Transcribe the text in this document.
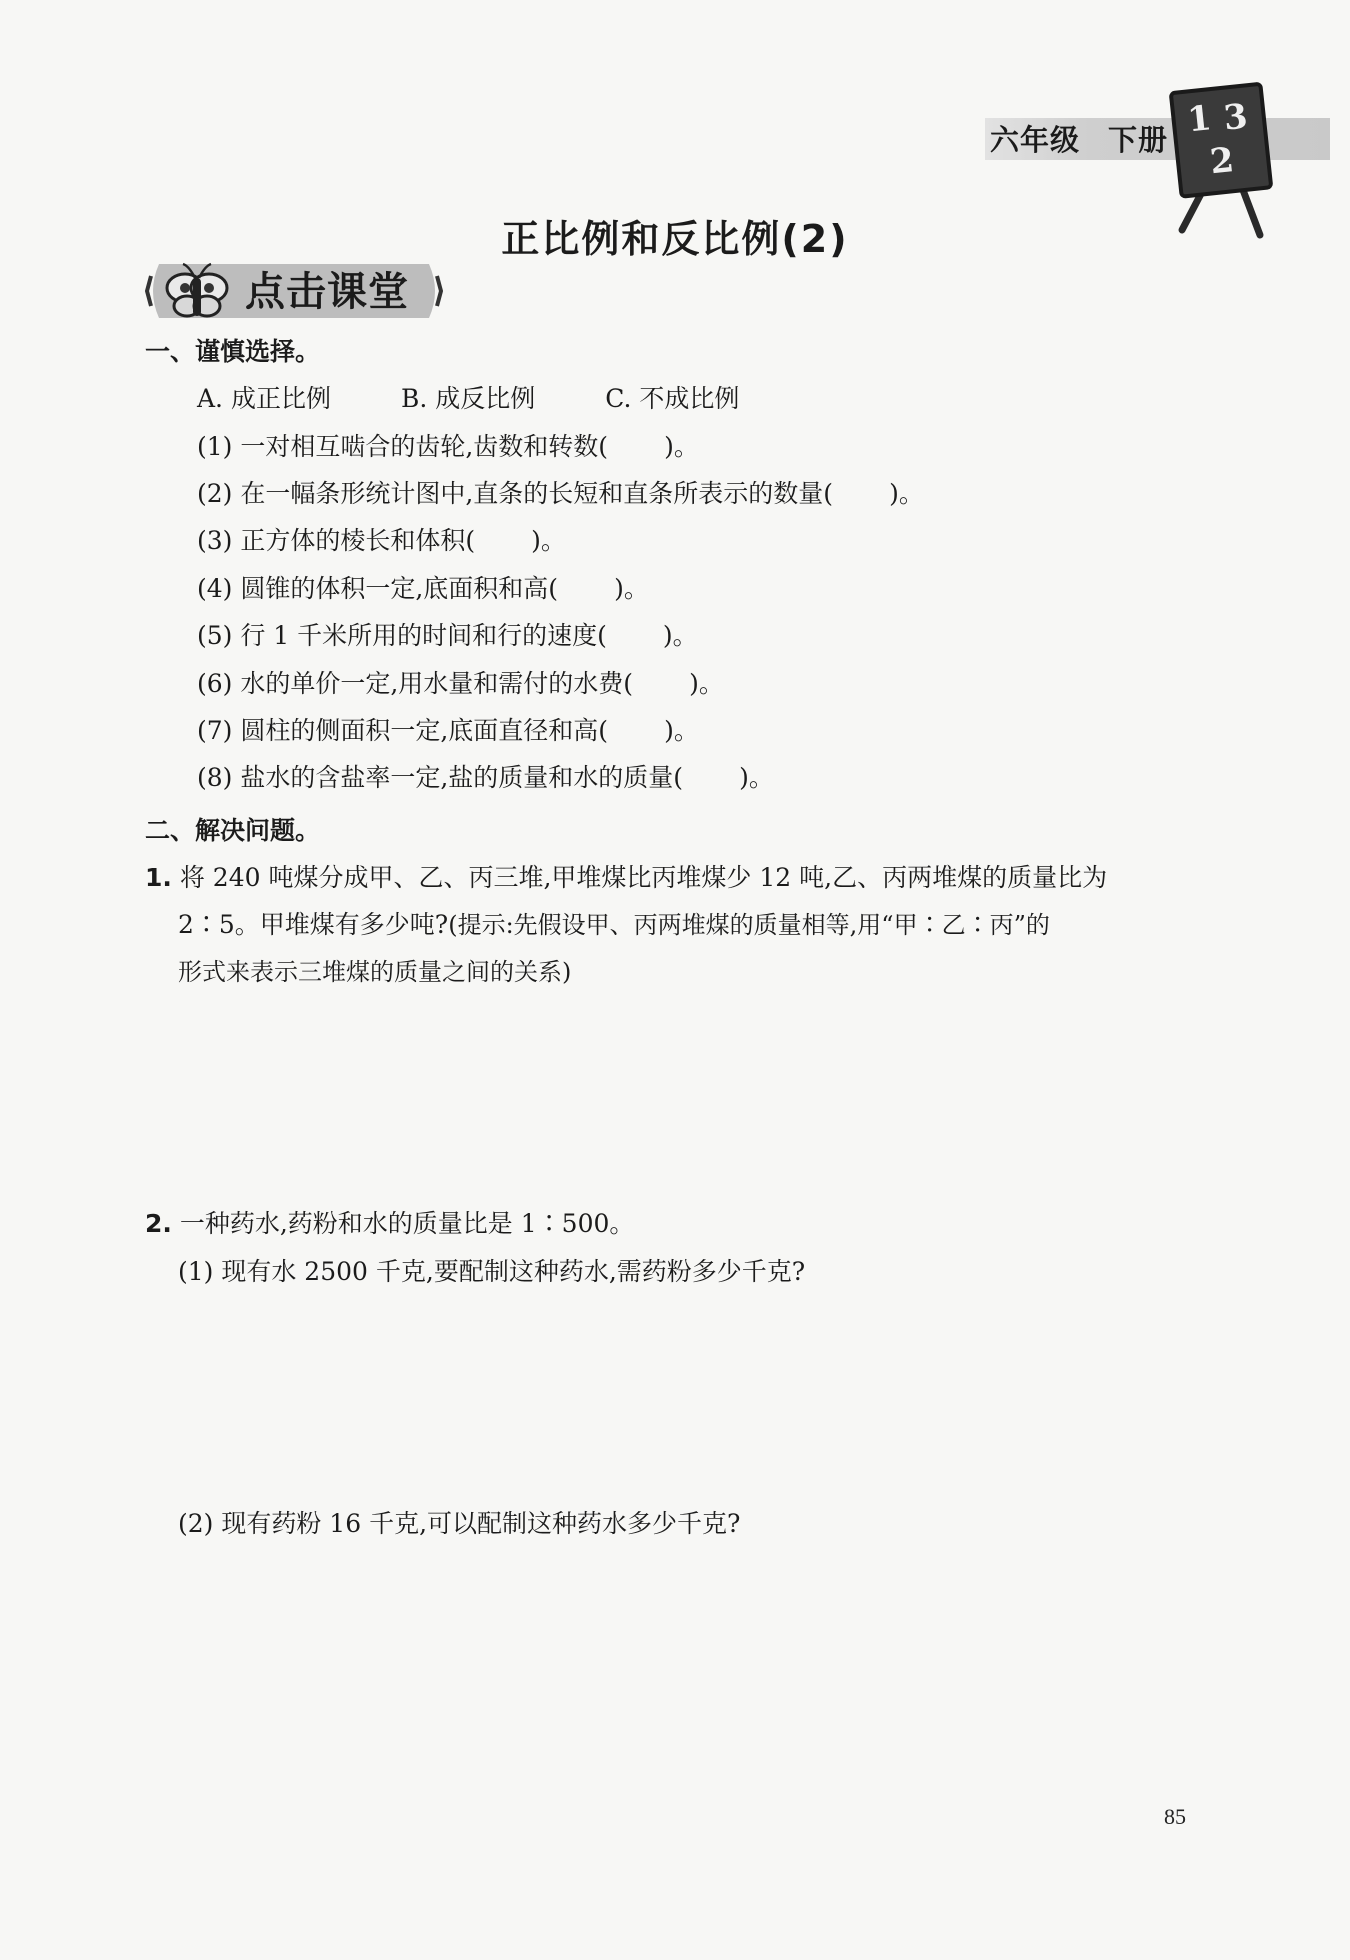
六年级 下册 1 3
2
正比例和反比例(2)
点击课堂
一、谨慎选择。
A. 成正比例	B. 成反比例	C. 不成比例
(1) 一对相互啮合的齿轮,齿数和转数( )。
(2) 在一幅条形统计图中,直条的长短和直条所表示的数量( )。
(3) 正方体的棱长和体积( )。
(4) 圆锥的体积一定,底面积和高( )。
(5) 行 1 千米所用的时间和行的速度( )。
(6) 水的单价一定,用水量和需付的水费( )。
(7) 圆柱的侧面积一定,底面直径和高( )。
(8) 盐水的含盐率一定,盐的质量和水的质量( )。
二、解决问题。
1. 将 240 吨煤分成甲、乙、丙三堆,甲堆煤比丙堆煤少 12 吨,乙、丙两堆煤的质量比为
2∶5。甲堆煤有多少吨?(提示:先假设甲、丙两堆煤的质量相等,用“甲∶乙∶丙”的
形式来表示三堆煤的质量之间的关系)
2. 一种药水,药粉和水的质量比是 1∶500。
(1) 现有水 2500 千克,要配制这种药水,需药粉多少千克?
(2) 现有药粉 16 千克,可以配制这种药水多少千克?
85
